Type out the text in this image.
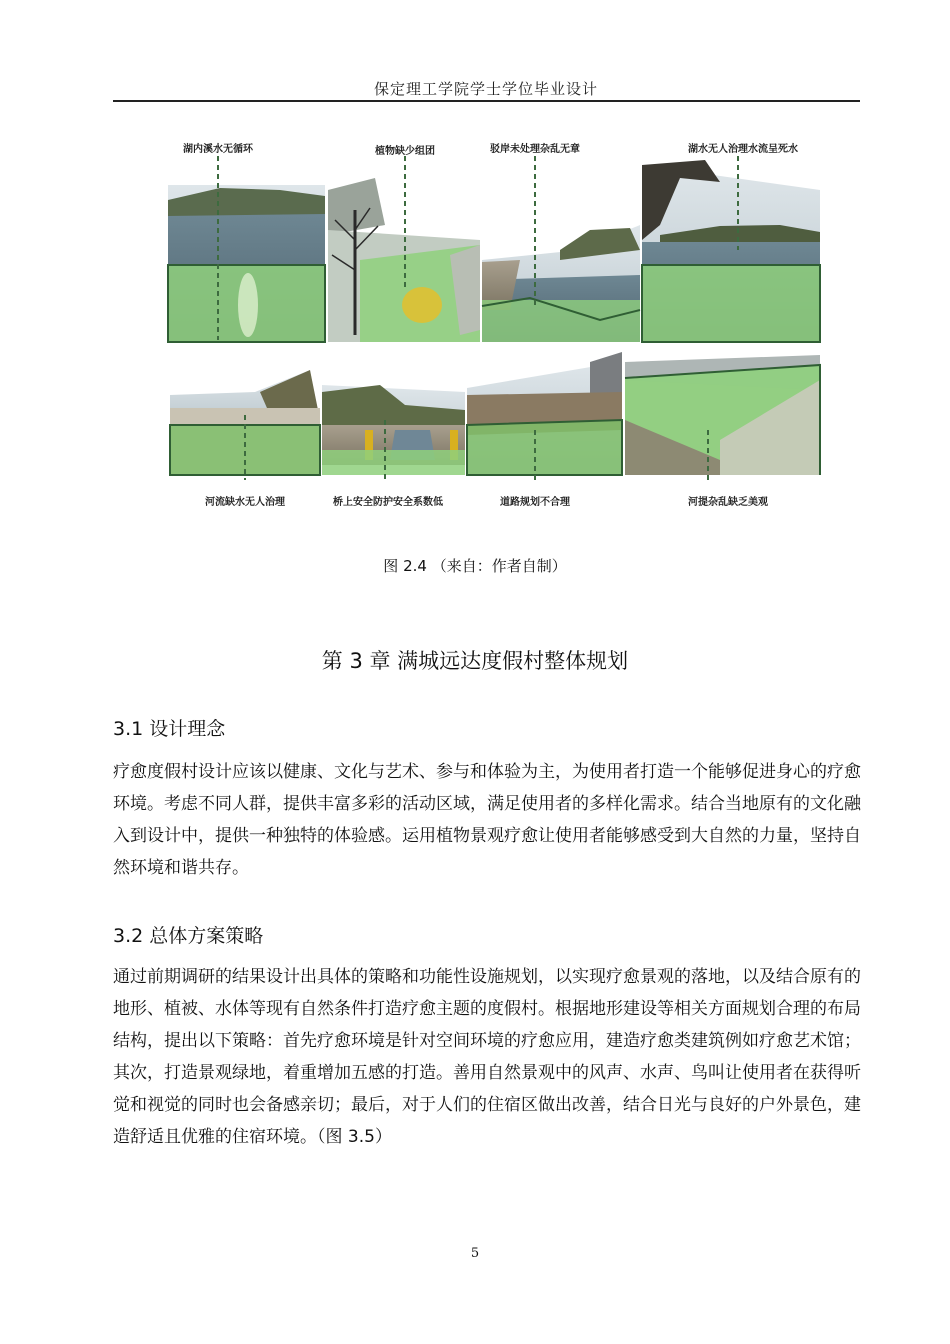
保定理工学院学士学位毕业设计
湖内溪水无循环	植物缺少组团	驳岸未处理杂乱无章	湖水无人治理水流呈死水
河流缺水无人治理	桥上安全防护安全系数低	道路规划不合理	河提杂乱缺乏美观
图 2.4 （来自：作者自制）
第 3 章 满城远达度假村整体规划
3.1 设计理念

疗愈度假村设计应该以健康、文化与艺术、参与和体验为主，为使用者打造一个能够促进身心的疗愈环境。考虑不同人群，提供丰富多彩的活动区域，满足使用者的多样化需求。结合当地原有的文化融入到设计中，提供一种独特的体验感。运用植物景观疗愈让使用者能够感受到大自然的力量，坚持自然环境和谐共存。

3.2 总体方案策略

通过前期调研的结果设计出具体的策略和功能性设施规划，以实现疗愈景观的落地，以及结合原有的地形、植被、水体等现有自然条件打造疗愈主题的度假村。根据地形建设等相关方面规划合理的布局结构，提出以下策略：首先疗愈环境是针对空间环境的疗愈应用，建造疗愈类建筑例如疗愈艺术馆；其次，打造景观绿地，着重增加五感的打造。善用自然景观中的风声、水声、鸟叫让使用者在获得听觉和视觉的同时也会备感亲切；最后，对于人们的住宿区做出改善，结合日光与良好的户外景色，建造舒适且优雅的住宿环境。（图 3.5）

5
